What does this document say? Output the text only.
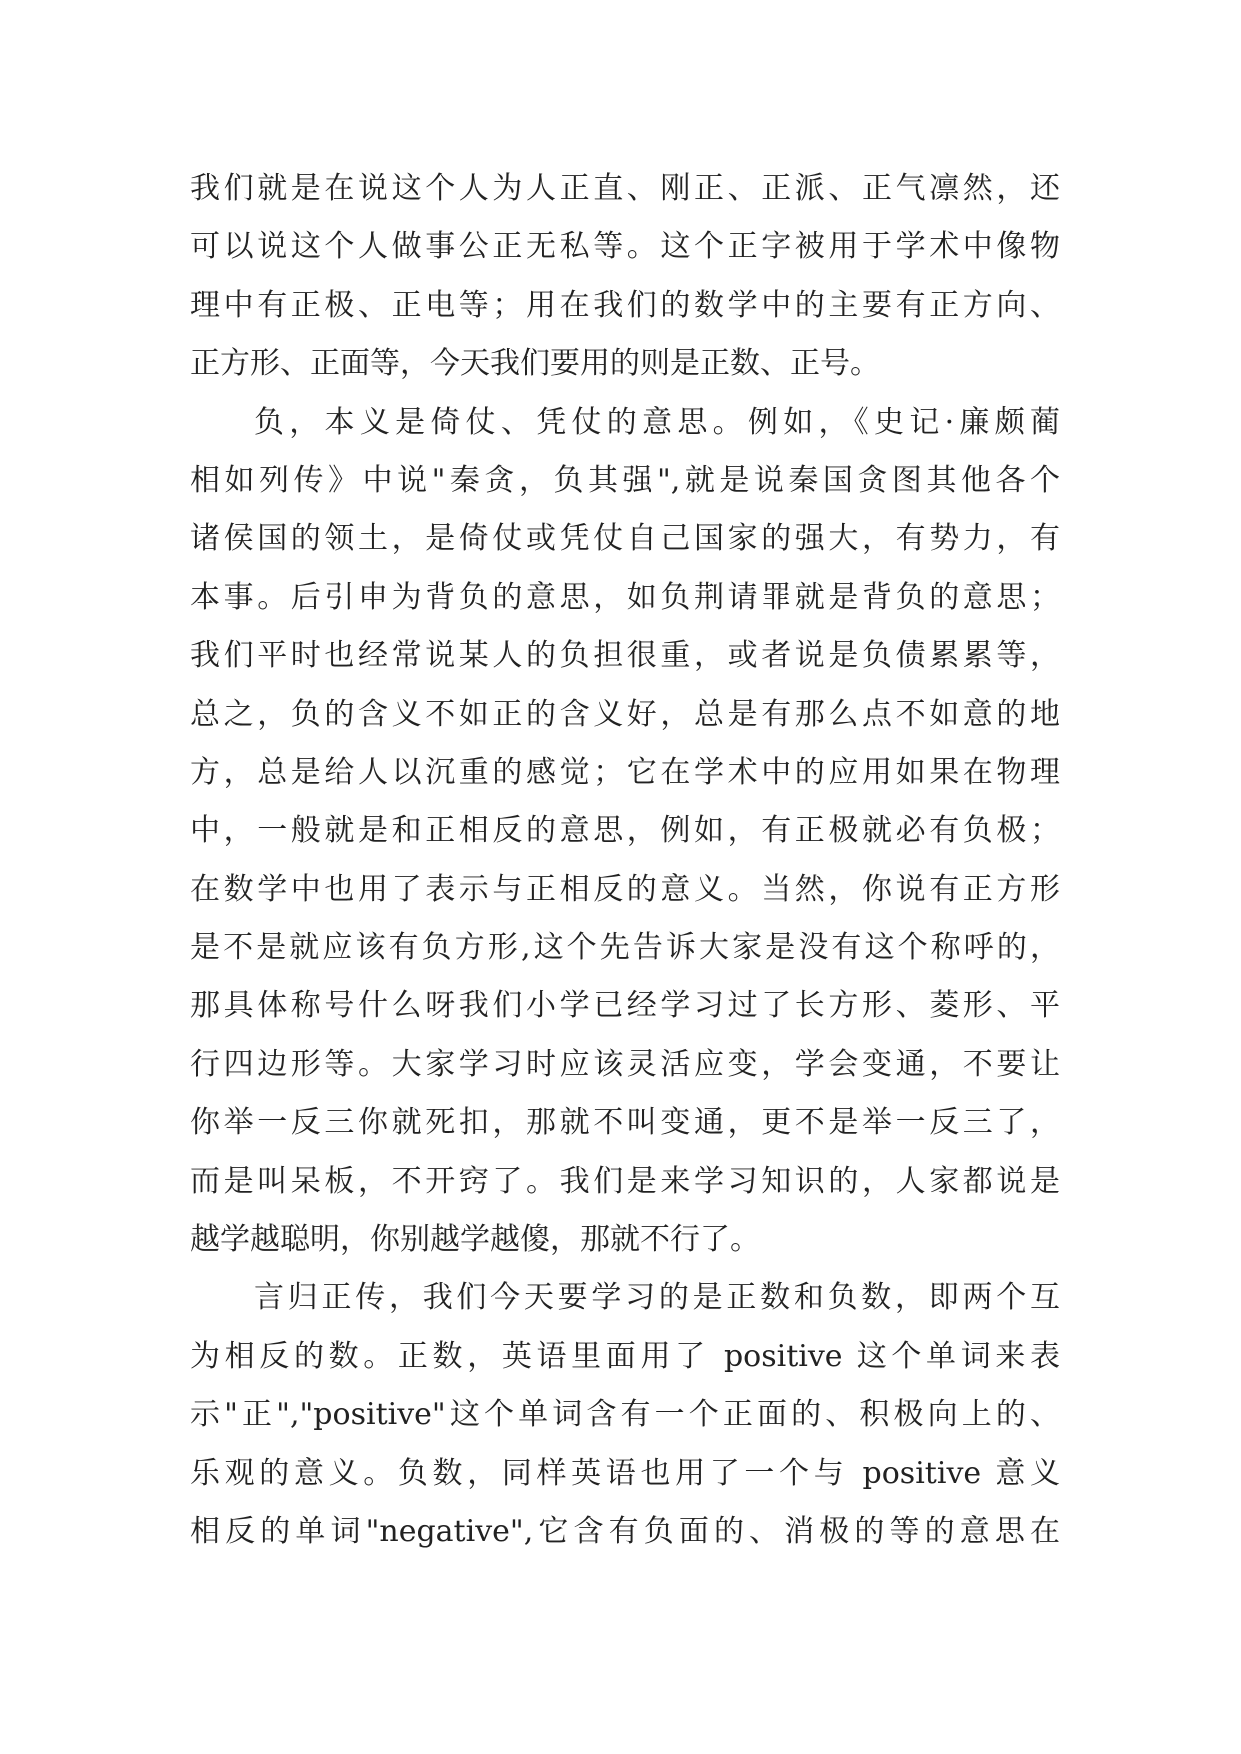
我们就是在说这个人为人正直、刚正、正派、正气凛然，还
可以说这个人做事公正无私等。这个正字被用于学术中像物
理中有正极、正电等；用在我们的数学中的主要有正方向、
正方形、正面等，今天我们要用的则是正数、正号。
负，本义是倚仗、凭仗的意思。例如，《史记·廉颇蔺
相如列传》中说"秦贪，负其强",就是说秦国贪图其他各个
诸侯国的领土，是倚仗或凭仗自己国家的强大，有势力，有
本事。后引申为背负的意思，如负荆请罪就是背负的意思；
我们平时也经常说某人的负担很重，或者说是负债累累等，
总之，负的含义不如正的含义好，总是有那么点不如意的地
方，总是给人以沉重的感觉；它在学术中的应用如果在物理
中，一般就是和正相反的意思，例如，有正极就必有负极；
在数学中也用了表示与正相反的意义。当然，你说有正方形
是不是就应该有负方形,这个先告诉大家是没有这个称呼的，
那具体称号什么呀我们小学已经学习过了长方形、菱形、平
行四边形等。大家学习时应该灵活应变，学会变通，不要让
你举一反三你就死扣，那就不叫变通，更不是举一反三了，
而是叫呆板，不开窍了。我们是来学习知识的，人家都说是
越学越聪明，你别越学越傻，那就不行了。
言归正传，我们今天要学习的是正数和负数，即两个互
为相反的数。正数，英语里面用了 positive 这个单词来表
示"正","positive"这个单词含有一个正面的、积极向上的、
乐观的意义。负数，同样英语也用了一个与 positive 意义
相反的单词"negative",它含有负面的、消极的等的意思在
